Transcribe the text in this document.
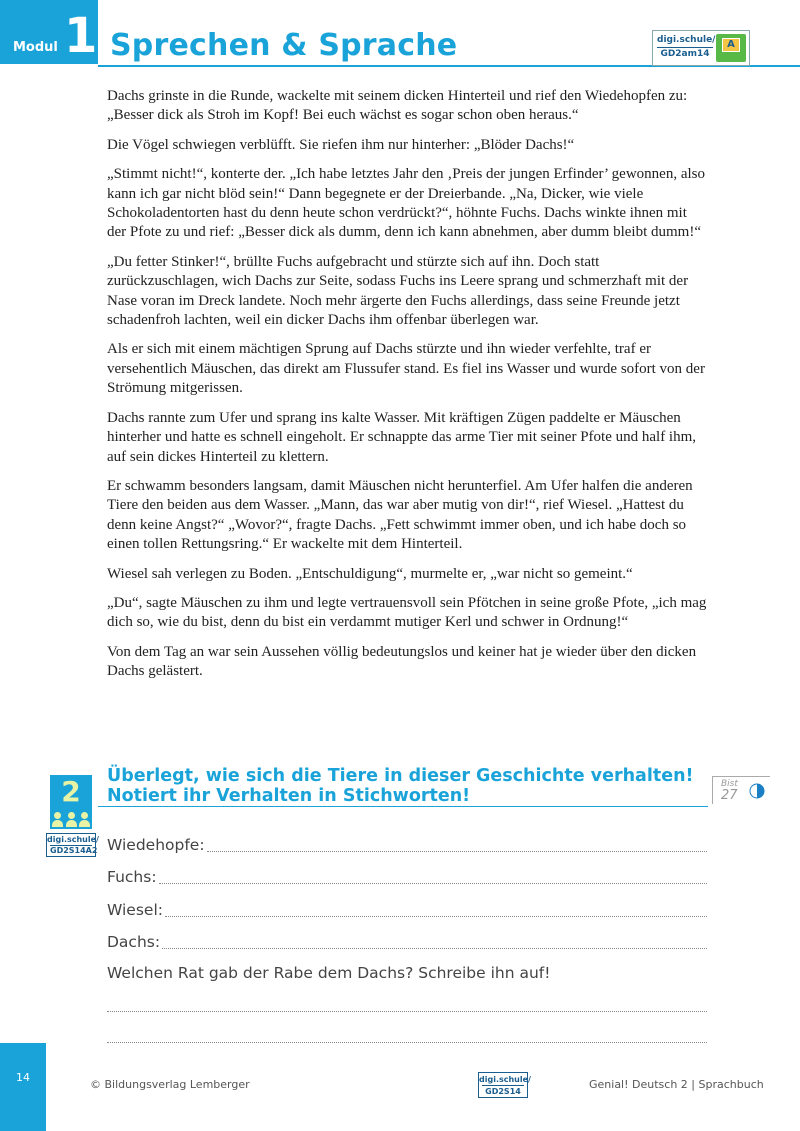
Modul 1 Sprechen & Sprache	digi.schule/
GD2am14
A

Dachs grinste in die Runde, wackelte mit seinem dicken Hinterteil und rief den Wiedehopfen zu: „Besser dick als Stroh im Kopf! Bei euch wächst es sogar schon oben heraus.“

Die Vögel schwiegen verblüfft. Sie riefen ihm nur hinterher: „Blöder Dachs!“

„Stimmt nicht!“, konterte der. „Ich habe letztes Jahr den ‚Preis der jungen Erfinder’ gewonnen, also kann ich gar nicht blöd sein!“ Dann begegnete er der Dreierbande. „Na, Dicker, wie viele Schokoladentorten hast du denn heute schon verdrückt?“, höhnte Fuchs. Dachs winkte ihnen mit der Pfote zu und rief: „Besser dick als dumm, denn ich kann abnehmen, aber dumm bleibt dumm!“

„Du fetter Stinker!“, brüllte Fuchs aufgebracht und stürzte sich auf ihn. Doch statt zurückzuschlagen, wich Dachs zur Seite, sodass Fuchs ins Leere sprang und schmerzhaft mit der Nase voran im Dreck landete. Noch mehr ärgerte den Fuchs allerdings, dass seine Freunde jetzt schadenfroh lachten, weil ein dicker Dachs ihm offenbar überlegen war.

Als er sich mit einem mächtigen Sprung auf Dachs stürzte und ihn wieder verfehlte, traf er versehentlich Mäuschen, das direkt am Flussufer stand. Es fiel ins Wasser und wurde sofort von der Strömung mitgerissen.

Dachs rannte zum Ufer und sprang ins kalte Wasser. Mit kräftigen Zügen paddelte er Mäuschen hinterher und hatte es schnell eingeholt. Er schnappte das arme Tier mit seiner Pfote und half ihm, auf sein dickes Hinterteil zu klettern.

Er schwamm besonders langsam, damit Mäuschen nicht herunterfiel. Am Ufer halfen die anderen Tiere den beiden aus dem Wasser. „Mann, das war aber mutig von dir!“, rief Wiesel. „Hattest du denn keine Angst?“ „Wovor?“, fragte Dachs. „Fett schwimmt immer oben, und ich habe doch so einen tollen Rettungsring.“ Er wackelte mit dem Hinterteil.

Wiesel sah verlegen zu Boden. „Entschuldigung“, murmelte er, „war nicht so gemeint.“

„Du“, sagte Mäuschen zu ihm und legte vertrauensvoll sein Pfötchen in seine große Pfote, „ich mag dich so, wie du bist, denn du bist ein verdammt mutiger Kerl und schwer in Ordnung!“

Von dem Tag an war sein Aussehen völlig bedeutungslos und keiner hat je wieder über den dicken Dachs gelästert.

2
digi.schule/
GD2S14A2
Überlegt, wie sich die Tiere in dieser Geschichte verhalten!
Notiert ihr Verhalten in Stichworten!
Bist
27
Wiedehopfe:
Fuchs:
Wiesel:
Dachs:
Welchen Rat gab der Rabe dem Dachs? Schreibe ihn auf!
14
© Bildungsverlag Lemberger	digi.schule/
GD2S14
Genial! Deutsch 2 | Sprachbuch
